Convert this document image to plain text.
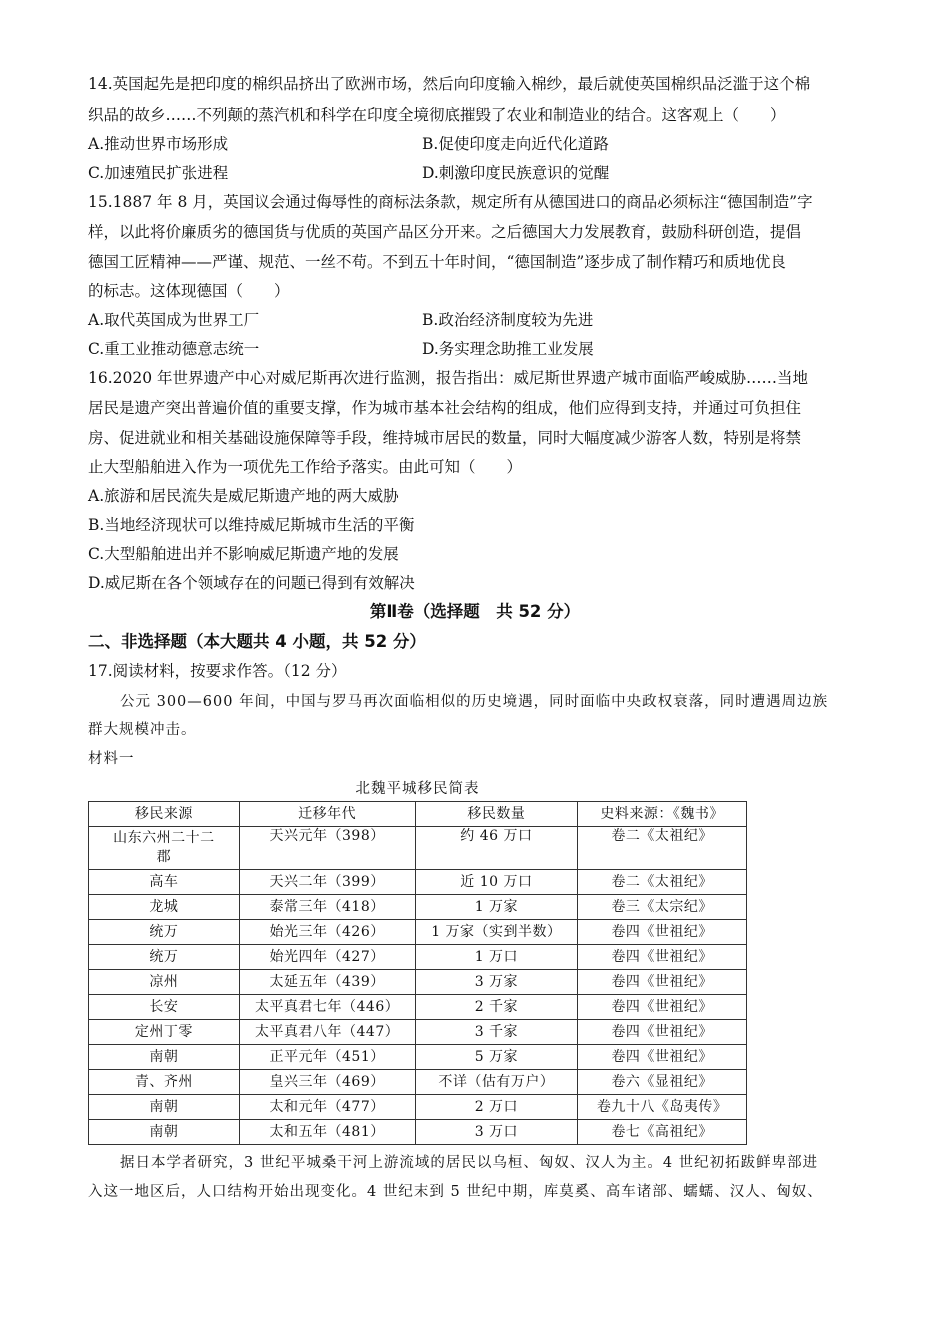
14.英国起先是把印度的棉织品挤出了欧洲市场，然后向印度输入棉纱，最后就使英国棉织品泛滥于这个棉
织品的故乡……不列颠的蒸汽机和科学在印度全境彻底摧毁了农业和制造业的结合。这客观上（　　）
A.推动世界市场形成	B.促使印度走向近代化道路
C.加速殖民扩张进程	D.刺激印度民族意识的觉醒
15.1887 年 8 月，英国议会通过侮辱性的商标法条款，规定所有从德国进口的商品必须标注“德国制造”字
样，以此将价廉质劣的德国货与优质的英国产品区分开来。之后德国大力发展教育，鼓励科研创造，提倡
德国工匠精神——严谨、规范、一丝不苟。不到五十年时间，“德国制造”逐步成了制作精巧和质地优良
的标志。这体现德国（　　）
A.取代英国成为世界工厂	B.政治经济制度较为先进
C.重工业推动德意志统一	D.务实理念助推工业发展
16.2020 年世界遗产中心对威尼斯再次进行监测，报告指出：威尼斯世界遗产城市面临严峻威胁……当地
居民是遗产突出普遍价值的重要支撑，作为城市基本社会结构的组成，他们应得到支持，并通过可负担住
房、促进就业和相关基础设施保障等手段，维持城市居民的数量，同时大幅度减少游客人数，特别是将禁
止大型船舶进入作为一项优先工作给予落实。由此可知（　　）
A.旅游和居民流失是威尼斯遗产地的两大威胁
B.当地经济现状可以维持威尼斯城市生活的平衡
C.大型船舶进出并不影响威尼斯遗产地的发展
D.威尼斯在各个领域存在的问题已得到有效解决
第Ⅱ卷（选择题　共 52 分）
二、非选择题（本大题共 4 小题，共 52 分）
17.阅读材料，按要求作答。（12 分）
公元 300—600 年间，中国与罗马再次面临相似的历史境遇，同时面临中央政权衰落，同时遭遇周边族
群大规模冲击。
材料一
北魏平城移民简表
移民来源	迁移年代	移民数量	史料来源：《魏书》
山东六州二十二
郡	天兴元年（398）	约 46 万口	卷二《太祖纪》
高车	天兴二年（399）	近 10 万口	卷二《太祖纪》
龙城	泰常三年（418）	1 万家	卷三《太宗纪》
统万	始光三年（426）	1 万家（实到半数）	卷四《世祖纪》
统万	始光四年（427）	1 万口	卷四《世祖纪》
凉州	太延五年（439）	3 万家	卷四《世祖纪》
长安	太平真君七年（446）	2 千家	卷四《世祖纪》
定州丁零	太平真君八年（447）	3 千家	卷四《世祖纪》
南朝	正平元年（451）	5 万家	卷四《世祖纪》
青、齐州	皇兴三年（469）	不详（估有万户）	卷六《显祖纪》
南朝	太和元年（477）	2 万口	卷九十八《岛夷传》
南朝	太和五年（481）	3 万口	卷七《高祖纪》
据日本学者研究，3 世纪平城桑干河上游流域的居民以乌桓、匈奴、汉人为主。4 世纪初拓跋鲜卑部进
入这一地区后，人口结构开始出现变化。4 世纪末到 5 世纪中期，库莫奚、高车诸部、蠕蠕、汉人、匈奴、
